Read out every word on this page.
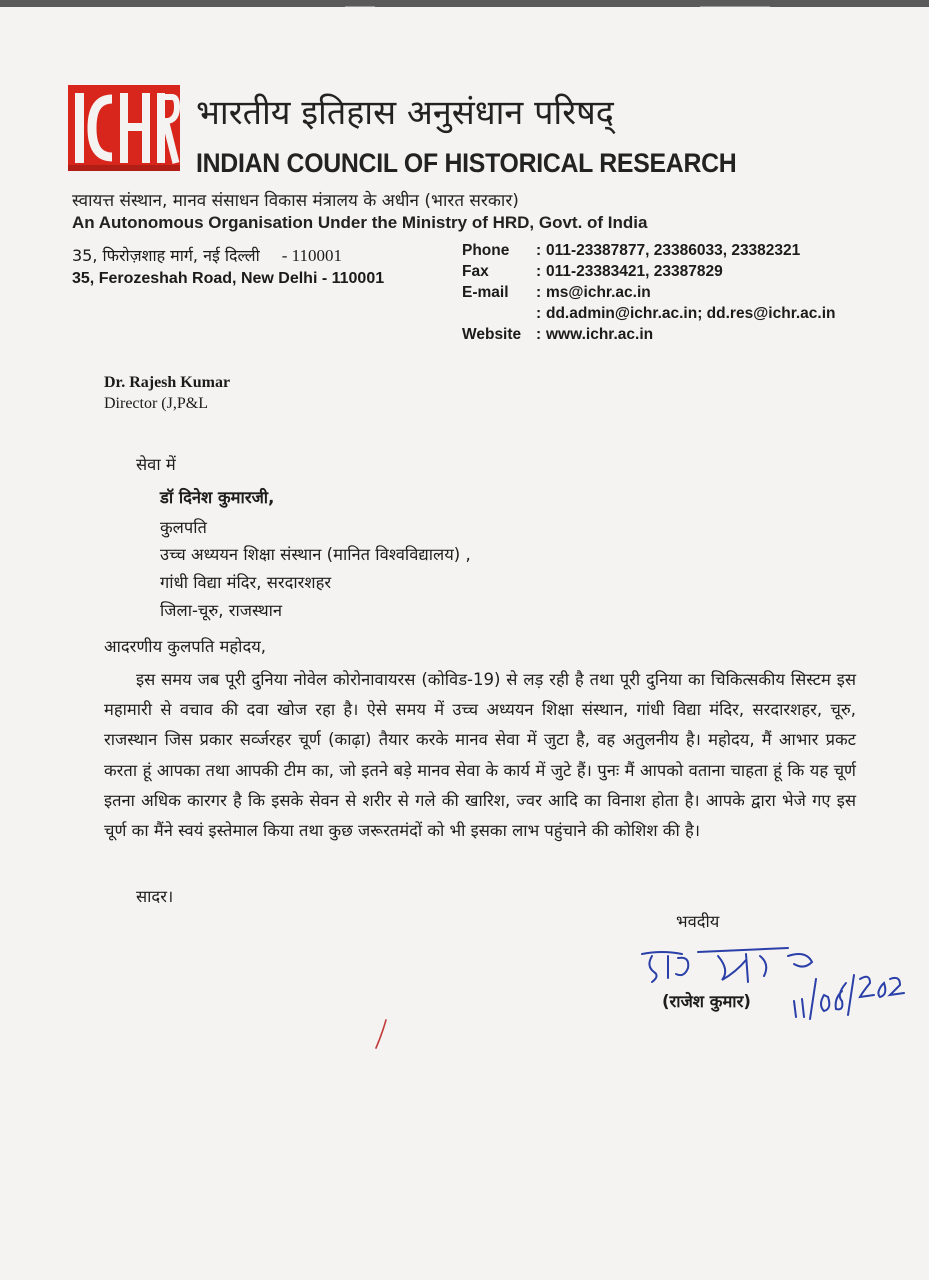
भारतीय इतिहास अनुसंधान परिषद्
INDIAN COUNCIL OF HISTORICAL RESEARCH
स्वायत्त संस्थान, मानव संसाधन विकास मंत्रालय के अधीन (भारत सरकार)
An Autonomous Organisation Under the Ministry of HRD, Govt. of India
35, फिरोज़शाह मार्ग, नई दिल्ली - 110001
35, Ferozeshah Road, New Delhi - 110001
Phone	: 011-23387877, 23386033, 23382321
Fax	: 011-23383421, 23387829
E-mail	: ms@ichr.ac.in
: dd.admin@ichr.ac.in; dd.res@ichr.ac.in
Website : www.ichr.ac.in
Dr. Rajesh Kumar
Director (J,P&L
सेवा में
डॉ दिनेश कुमारजी,
कुलपति
उच्च अध्ययन शिक्षा संस्थान (मानित विश्वविद्यालय) ,
गांधी विद्या मंदिर, सरदारशहर
जिला-चूरु, राजस्थान
आदरणीय कुलपति महोदय,
इस समय जब पूरी दुनिया नोवेल कोरोनावायरस (कोविड-19) से लड़ रही है तथा पूरी दुनिया का चिकित्सकीय सिस्टम इस महामारी से वचाव की दवा खोज रहा है। ऐसे समय में उच्च अध्ययन शिक्षा संस्थान, गांधी विद्या मंदिर, सरदारशहर, चूरु, राजस्थान जिस प्रकार सर्व्जरहर चूर्ण (काढ़ा) तैयार करके मानव सेवा में जुटा है, वह अतुलनीय है। महोदय, मैं आभार प्रकट करता हूं आपका तथा आपकी टीम का, जो इतने बड़े मानव सेवा के कार्य में जुटे हैं। पुनः मैं आपको वताना चाहता हूं कि यह चूर्ण इतना अधिक कारगर है कि इसके सेवन से शरीर से गले की खारिश, ज्वर आदि का विनाश होता है। आपके द्वारा भेजे गए इस चूर्ण का मैंने स्वयं इस्तेमाल किया तथा कुछ जरूरतमंदों को भी इसका लाभ पहुंचाने की कोशिश की है।
सादर।
भवदीय
(राजेश कुमार)
